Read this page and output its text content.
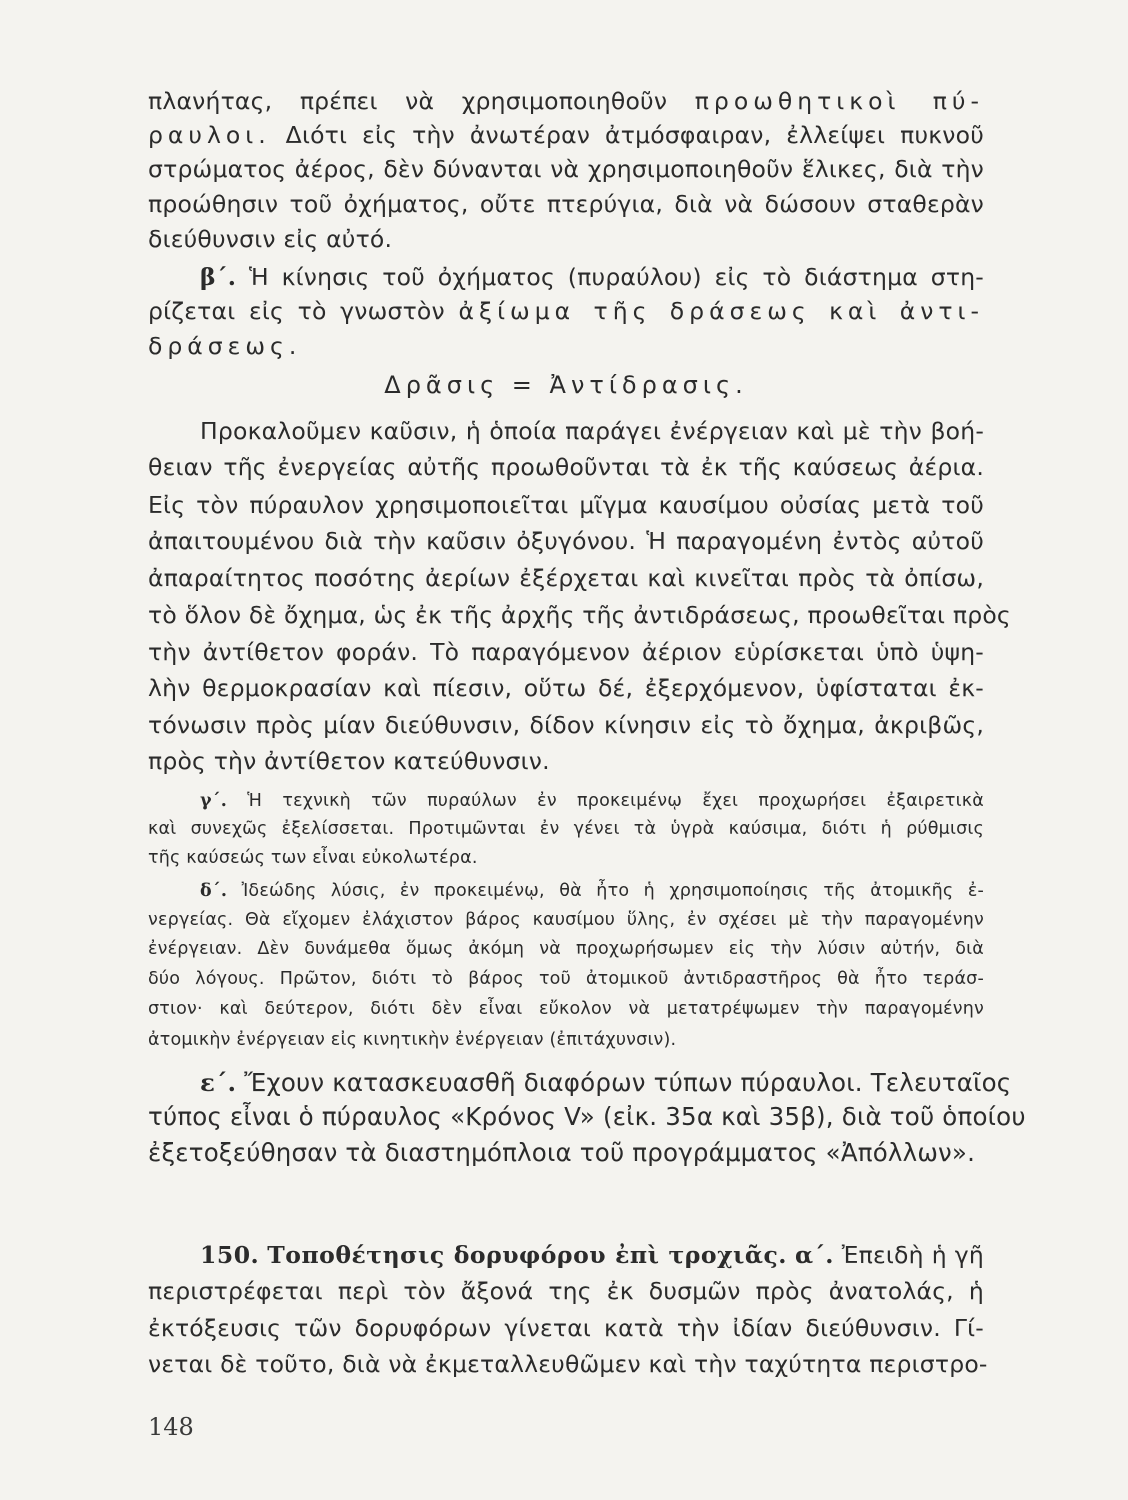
πλανήτας, πρέπει νὰ χρησιμοποιηθοῦν προωθητικοὶ πύ-
ραυλοι. Διότι εἰς τὴν ἀνωτέραν ἀτμόσφαιραν, ἐλλείψει πυκνοῦ
στρώματος ἀέρος, δὲν δύνανται νὰ χρησιμοποιηθοῦν ἕλικες, διὰ τὴν
προώθησιν τοῦ ὀχήματος, οὔτε πτερύγια, διὰ νὰ δώσουν σταθερὰν
διεύθυνσιν εἰς αὐτό.
β΄. Ἡ κίνησις τοῦ ὀχήματος (πυραύλου) εἰς τὸ διάστημα στη-
ρίζεται εἰς τὸ γνωστὸν ἀξίωμα τῆς δράσεως καὶ ἀντι-
δράσεως.
Δρᾶσις = Ἀντίδρασις.
Προκαλοῦμεν καῦσιν, ἡ ὁποία παράγει ἐνέργειαν καὶ μὲ τὴν βοή-
θειαν τῆς ἐνεργείας αὐτῆς προωθοῦνται τὰ ἐκ τῆς καύσεως ἀέρια.
Εἰς τὸν πύραυλον χρησιμοποιεῖται μῖγμα καυσίμου οὐσίας μετὰ τοῦ
ἀπαιτουμένου διὰ τὴν καῦσιν ὀξυγόνου. Ἡ παραγομένη ἐντὸς αὐτοῦ
ἀπαραίτητος ποσότης ἀερίων ἐξέρχεται καὶ κινεῖται πρὸς τὰ ὀπίσω,
τὸ ὅλον δὲ ὄχημα, ὡς ἐκ τῆς ἀρχῆς τῆς ἀντιδράσεως, προωθεῖται πρὸς
τὴν ἀντίθετον φοράν. Τὸ παραγόμενον ἀέριον εὑρίσκεται ὑπὸ ὑψη-
λὴν θερμοκρασίαν καὶ πίεσιν, οὕτω δέ, ἐξερχόμενον, ὑφίσταται ἐκ-
τόνωσιν πρὸς μίαν διεύθυνσιν, δίδον κίνησιν εἰς τὸ ὄχημα, ἀκριβῶς,
πρὸς τὴν ἀντίθετον κατεύθυνσιν.
γ΄. Ἡ τεχνικὴ τῶν πυραύλων ἐν προκειμένῳ ἔχει προχωρήσει ἐξαιρετικὰ
καὶ συνεχῶς ἐξελίσσεται. Προτιμῶνται ἐν γένει τὰ ὑγρὰ καύσιμα, διότι ἡ ρύθμισις
τῆς καύσεώς των εἶναι εὐκολωτέρα.
δ΄. Ἰδεώδης λύσις, ἐν προκειμένῳ, θὰ ἦτο ἡ χρησιμοποίησις τῆς ἀτομικῆς ἐ-
νεργείας. Θὰ εἴχομεν ἐλάχιστον βάρος καυσίμου ὕλης, ἐν σχέσει μὲ τὴν παραγομένην
ἐνέργειαν. Δὲν δυνάμεθα ὅμως ἀκόμη νὰ προχωρήσωμεν εἰς τὴν λύσιν αὐτήν, διὰ
δύο λόγους. Πρῶτον, διότι τὸ βάρος τοῦ ἀτομικοῦ ἀντιδραστῆρος θὰ ἦτο τεράσ-
στιον· καὶ δεύτερον, διότι δὲν εἶναι εὔκολον νὰ μετατρέψωμεν τὴν παραγομένην
ἀτομικὴν ἐνέργειαν εἰς κινητικὴν ἐνέργειαν (ἐπιτάχυνσιν).
ε΄. Ἔχουν κατασκευασθῆ διαφόρων τύπων πύραυλοι. Τελευταῖος
τύπος εἶναι ὁ πύραυλος «Κρόνος V» (εἰκ. 35α καὶ 35β), διὰ τοῦ ὁποίου
ἐξετοξεύθησαν τὰ διαστημόπλοια τοῦ προγράμματος «Ἀπόλλων».
150. Τοποθέτησις δορυφόρου ἐπὶ τροχιᾶς. α΄. Ἐπειδὴ ἡ γῆ
περιστρέφεται περὶ τὸν ἄξονά της ἐκ δυσμῶν πρὸς ἀνατολάς, ἡ
ἐκτόξευσις τῶν δορυφόρων γίνεται κατὰ τὴν ἰδίαν διεύθυνσιν. Γί-
νεται δὲ τοῦτο, διὰ νὰ ἐκμεταλλευθῶμεν καὶ τὴν ταχύτητα περιστρο-
148
